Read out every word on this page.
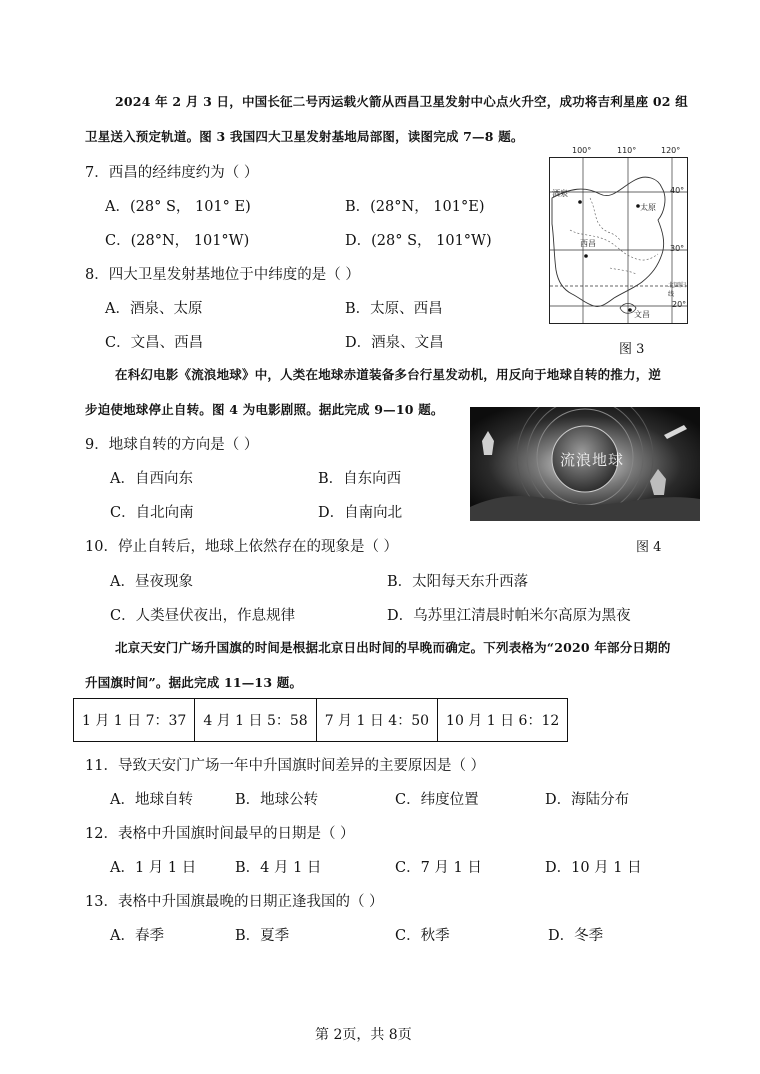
2024 年 2 月 3 日，中国长征二号丙运载火箭从西昌卫星发射中心点火升空，成功将吉利星座 02 组
卫星送入预定轨道。图 3 我国四大卫星发射基地局部图，读图完成 7—8 题。
7．西昌的经纬度约为（ ）
A．(28° S， 101° E)	B．(28°N， 101°E)
C．(28°N， 101°W)	D．(28° S， 101°W)
8．四大卫星发射基地位于中纬度的是（ ）
A．酒泉、太原	B．太原、西昌
C．文昌、西昌	D．酒泉、文昌
酒泉
太原
西昌
文昌
40°
30°
北回归线
20°
100°	110°	120°
图 3
在科幻电影《流浪地球》中，人类在地球赤道装备多台行星发动机，用反向于地球自转的推力，逆
步迫使地球停止自转。图 4 为电影剧照。据此完成 9—10 题。
流浪地球
图 4
9．地球自转的方向是（ ）
A．自西向东	B．自东向西
C．自北向南	D．自南向北
10．停止自转后，地球上依然存在的现象是（ ）
A．昼夜现象	B．太阳每天东升西落
C．人类昼伏夜出，作息规律	D．乌苏里江清晨时帕米尔高原为黑夜
北京天安门广场升国旗的时间是根据北京日出时间的早晚而确定。下列表格为“2020 年部分日期的
升国旗时间”。据此完成 11—13 题。
1 月 1 日 7：37	4 月 1 日 5：58	7 月 1 日 4：50	10 月 1 日 6：12
11．导致天安门广场一年中升国旗时间差异的主要原因是（ ）
A．地球自转	B．地球公转	C．纬度位置	D．海陆分布
12．表格中升国旗时间最早的日期是（ ）
A．1 月 1 日	B．4 月 1 日	C．7 月 1 日	D．10 月 1 日
13．表格中升国旗最晚的日期正逢我国的（ ）
A．春季	B．夏季	C．秋季	D．冬季
第 2页，共 8页
